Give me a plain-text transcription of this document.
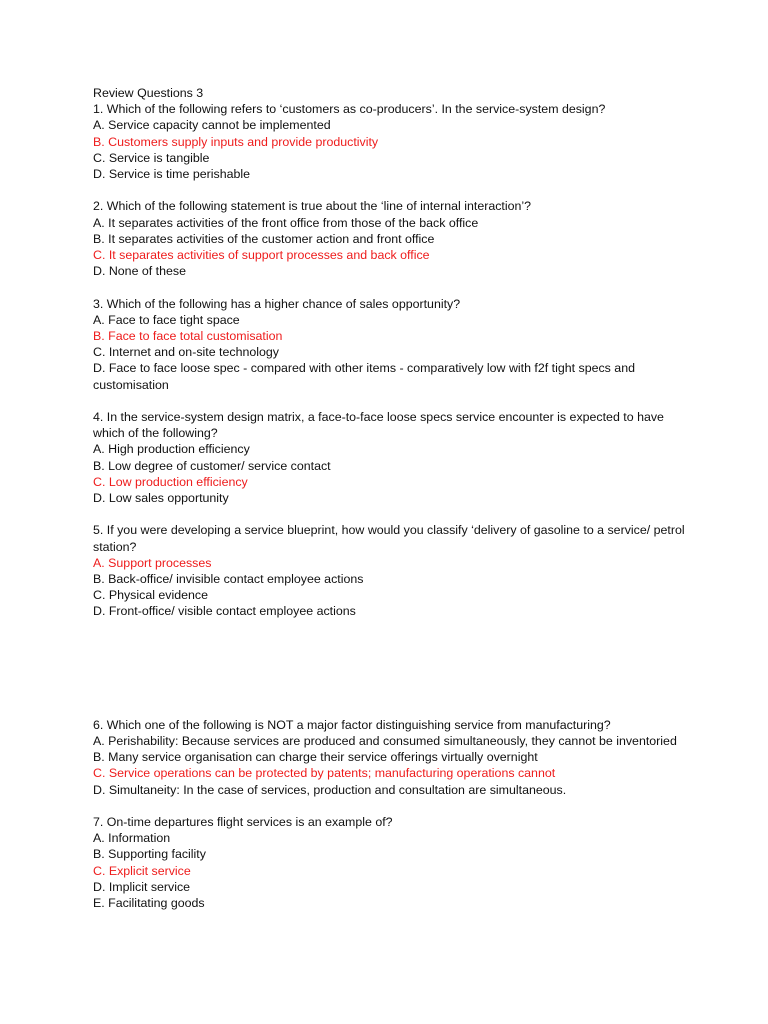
Review Questions 3

1. Which of the following refers to ‘customers as co-producers’. In the service-system design?

A. Service capacity cannot be implemented

B. Customers supply inputs and provide productivity

C. Service is tangible

D. Service is time perishable

2. Which of the following statement is true about the ‘line of internal interaction’?

A. It separates activities of the front office from those of the back office

B. It separates activities of the customer action and front office

C. It separates activities of support processes and back office

D. None of these

3. Which of the following has a higher chance of sales opportunity?

A. Face to face tight space

B. Face to face total customisation

C. Internet and on-site technology

D. Face to face loose spec - compared with other items - comparatively low with f2f tight specs and customisation

4. In the service-system design matrix, a face-to-face loose specs service encounter is expected to have which of the following?

A. High production efficiency

B. Low degree of customer/ service contact

C. Low production efficiency

D. Low sales opportunity

5. If you were developing a service blueprint, how would you classify ‘delivery of gasoline to a service/ petrol station?

A. Support processes

B. Back-office/ invisible contact employee actions

C. Physical evidence

D. Front-office/ visible contact employee actions

6. Which one of the following is NOT a major factor distinguishing service from manufacturing?

A. Perishability: Because services are produced and consumed simultaneously, they cannot be inventoried

B. Many service organisation can charge their service offerings virtually overnight

C. Service operations can be protected by patents; manufacturing operations cannot

D. Simultaneity: In the case of services, production and consultation are simultaneous.

7. On-time departures flight services is an example of?

A. Information

B. Supporting facility

C. Explicit service

D. Implicit service

E. Facilitating goods
